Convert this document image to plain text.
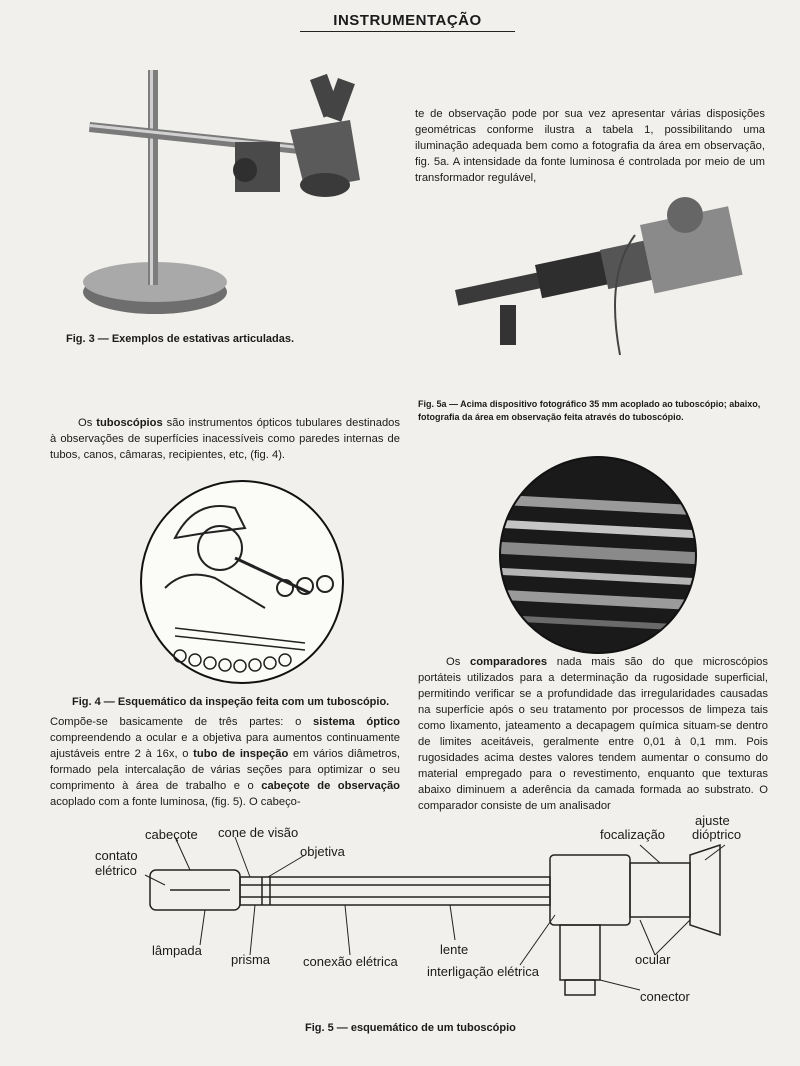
INSTRUMENTAÇÃO
Fig. 3 — Exemplos de estativas articuladas.
te de observação pode por sua vez apresentar várias disposições geométricas conforme ilustra a tabela 1, possibilitando uma iluminação adequada bem como a fotografia da área em observação, fig. 5a. A intensidade da fonte luminosa é controlada por meio de um transformador regulável,
Fig. 5a — Acima dispositivo fotográfico 35 mm acoplado ao tuboscópio; abaixo, fotografia da área em observação feita através do tuboscópio.
Os tuboscópios são instrumentos ópticos tubulares destinados à observações de superfícies inacessíveis como paredes internas de tubos, canos, câmaras, recipientes, etc, (fig. 4).
Fig. 4 — Esquemático da inspeção feita com um tuboscópio.
Compõe-se basicamente de três partes: o sistema óptico compreendendo a ocular e a objetiva para aumentos continuamente ajustáveis entre 2 à 16x, o tubo de inspeção em vários diâmetros, formado pela intercalação de várias seções para optimizar o seu comprimento à área de trabalho e o cabeçote de observação acoplado com a fonte luminosa, (fig. 5). O cabeço-
Os comparadores nada mais são do que microscópios portáteis utilizados para a determinação da rugosidade superficial, permitindo verificar se a profundidade das irregularidades causadas na superfície após o seu tratamento por processos de limpeza tais como lixamento, jateamento a decapagem química situam-se dentro de limites aceitáveis, geralmente entre 0,01 à 0,1 mm. Pois rugosidades acima destes valores tendem aumentar o consumo do material empregado para o revestimento, enquanto que texturas abaixo diminuem a aderência da camada formada ao substrato. O comparador consiste de um analisador
cabeçote cone de visão
objetiva
contato
elétrico
lâmpada
prisma	conexão elétrica
lente
interligação elétrica
focalização
ajuste
dióptrico
ocular
conector
Fig. 5 — esquemático de um tuboscópio
